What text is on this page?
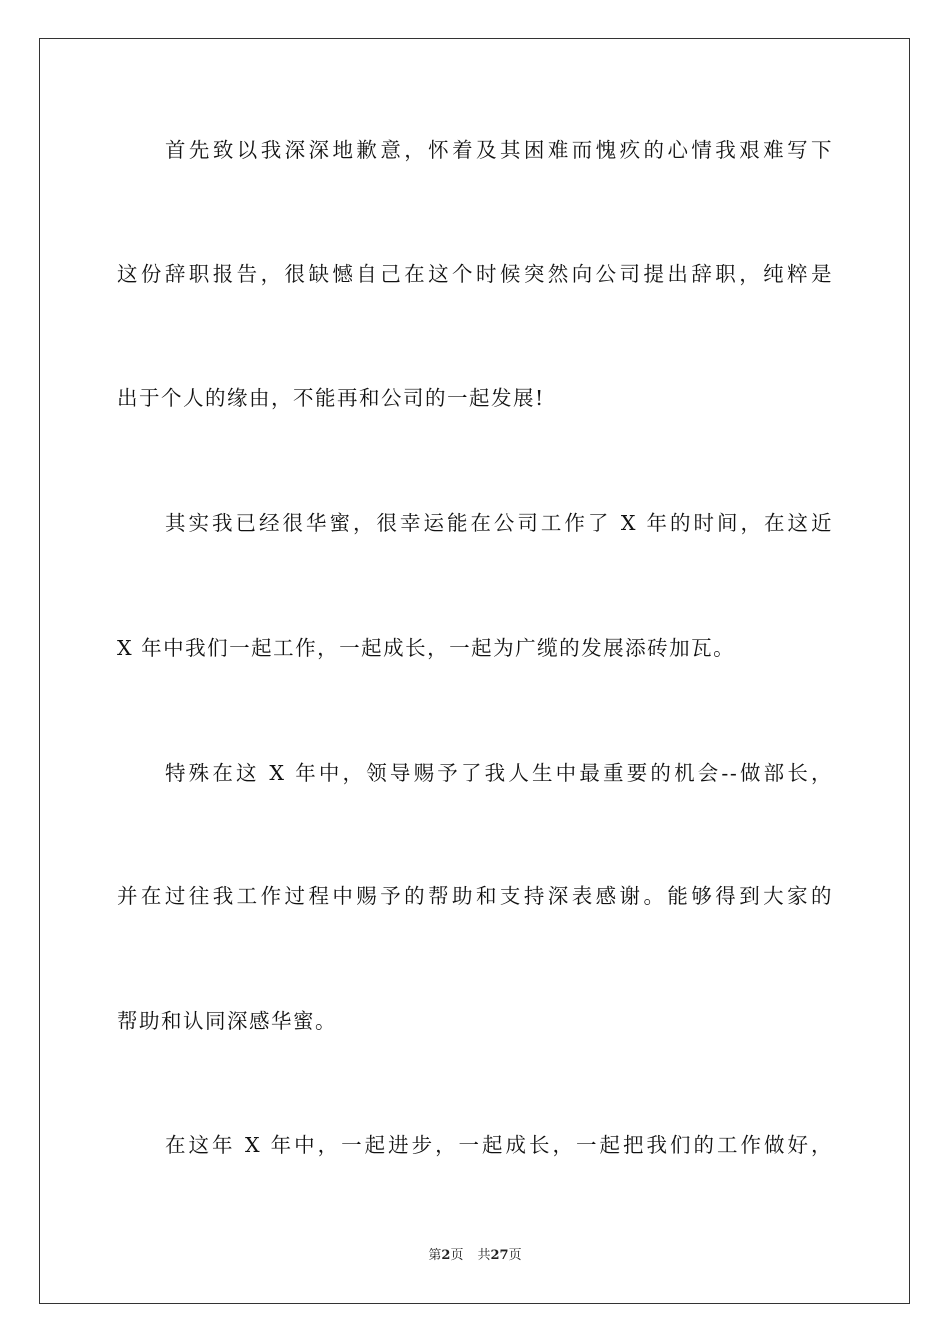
首先致以我深深地歉意，怀着及其困难而愧疚的心情我艰难写下
这份辞职报告，很缺憾自己在这个时候突然向公司提出辞职，纯粹是
出于个人的缘由，不能再和公司的一起发展!
其实我已经很华蜜，很幸运能在公司工作了 X 年的时间，在这近
X 年中我们一起工作，一起成长，一起为广缆的发展添砖加瓦。
特殊在这 X 年中，领导赐予了我人生中最重要的机会--做部长，
并在过往我工作过程中赐予的帮助和支持深表感谢。能够得到大家的
帮助和认同深感华蜜。
在这年 X 年中，一起进步，一起成长，一起把我们的工作做好，
第2页 共27页
